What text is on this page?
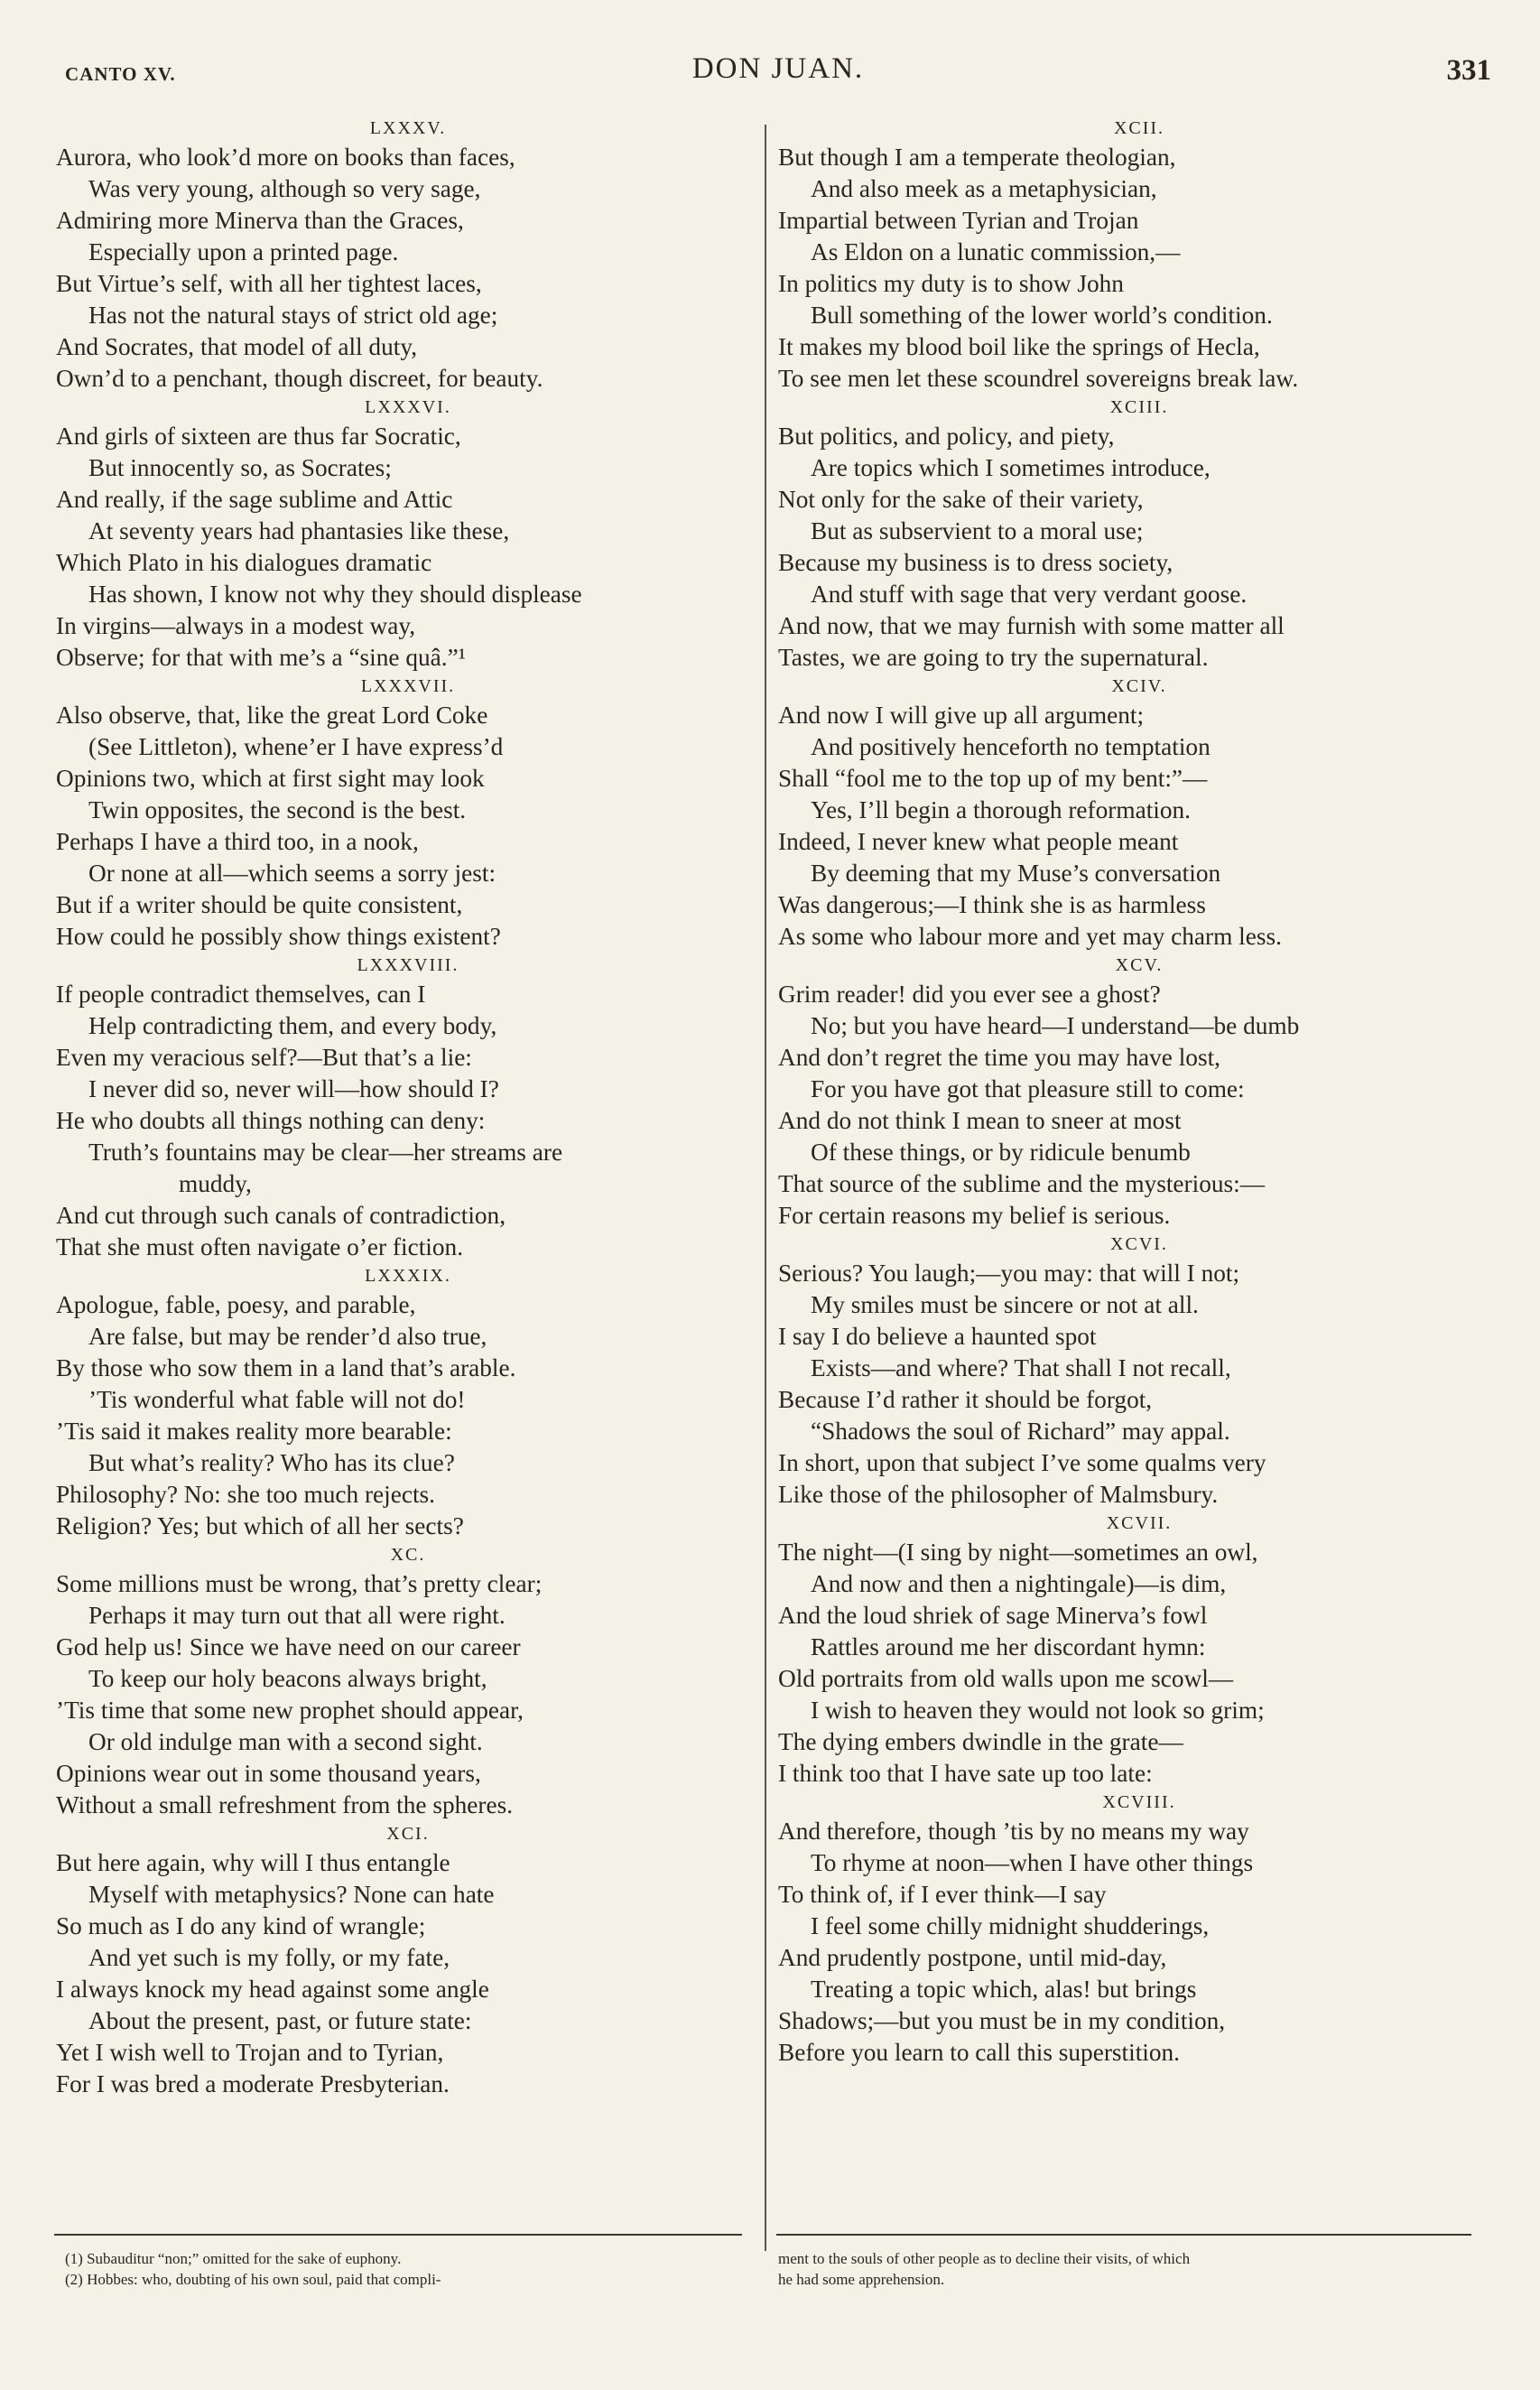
CANTO XV.	DON JUAN.	331
LXXXV.
Aurora, who look’d more on books than faces,
Was very young, although so very sage,
Admiring more Minerva than the Graces,
Especially upon a printed page.
But Virtue’s self, with all her tightest laces,
Has not the natural stays of strict old age;
And Socrates, that model of all duty,
Own’d to a penchant, though discreet, for beauty.
LXXXVI.
And girls of sixteen are thus far Socratic,
But innocently so, as Socrates;
And really, if the sage sublime and Attic
At seventy years had phantasies like these,
Which Plato in his dialogues dramatic
Has shown, I know not why they should displease
In virgins—always in a modest way,
Observe; for that with me’s a “sine quâ.”¹
LXXXVII.
Also observe, that, like the great Lord Coke
(See Littleton), whene’er I have express’d
Opinions two, which at first sight may look
Twin opposites, the second is the best.
Perhaps I have a third too, in a nook,
Or none at all—which seems a sorry jest:
But if a writer should be quite consistent,
How could he possibly show things existent?
LXXXVIII.
If people contradict themselves, can I
Help contradicting them, and every body,
Even my veracious self?—But that’s a lie:
I never did so, never will—how should I?
He who doubts all things nothing can deny:
Truth’s fountains may be clear—her streams are
muddy,
And cut through such canals of contradiction,
That she must often navigate o’er fiction.
LXXXIX.
Apologue, fable, poesy, and parable,
Are false, but may be render’d also true,
By those who sow them in a land that’s arable.
’Tis wonderful what fable will not do!
’Tis said it makes reality more bearable:
But what’s reality? Who has its clue?
Philosophy? No: she too much rejects.
Religion? Yes; but which of all her sects?
XC.
Some millions must be wrong, that’s pretty clear;
Perhaps it may turn out that all were right.
God help us! Since we have need on our career
To keep our holy beacons always bright,
’Tis time that some new prophet should appear,
Or old indulge man with a second sight.
Opinions wear out in some thousand years,
Without a small refreshment from the spheres.
XCI.
But here again, why will I thus entangle
Myself with metaphysics? None can hate
So much as I do any kind of wrangle;
And yet such is my folly, or my fate,
I always knock my head against some angle
About the present, past, or future state:
Yet I wish well to Trojan and to Tyrian,
For I was bred a moderate Presbyterian.
XCII.
But though I am a temperate theologian,
And also meek as a metaphysician,
Impartial between Tyrian and Trojan
As Eldon on a lunatic commission,—
In politics my duty is to show John
Bull something of the lower world’s condition.
It makes my blood boil like the springs of Hecla,
To see men let these scoundrel sovereigns break law.
XCIII.
But politics, and policy, and piety,
Are topics which I sometimes introduce,
Not only for the sake of their variety,
But as subservient to a moral use;
Because my business is to dress society,
And stuff with sage that very verdant goose.
And now, that we may furnish with some matter all
Tastes, we are going to try the supernatural.
XCIV.
And now I will give up all argument;
And positively henceforth no temptation
Shall “fool me to the top up of my bent:”—
Yes, I’ll begin a thorough reformation.
Indeed, I never knew what people meant
By deeming that my Muse’s conversation
Was dangerous;—I think she is as harmless
As some who labour more and yet may charm less.
XCV.
Grim reader! did you ever see a ghost?
No; but you have heard—I understand—be dumb
And don’t regret the time you may have lost,
For you have got that pleasure still to come:
And do not think I mean to sneer at most
Of these things, or by ridicule benumb
That source of the sublime and the mysterious:—
For certain reasons my belief is serious.
XCVI.
Serious? You laugh;—you may: that will I not;
My smiles must be sincere or not at all.
I say I do believe a haunted spot
Exists—and where? That shall I not recall,
Because I’d rather it should be forgot,
“Shadows the soul of Richard” may appal.
In short, upon that subject I’ve some qualms very
Like those of the philosopher of Malmsbury.
XCVII.
The night—(I sing by night—sometimes an owl,
And now and then a nightingale)—is dim,
And the loud shriek of sage Minerva’s fowl
Rattles around me her discordant hymn:
Old portraits from old walls upon me scowl—
I wish to heaven they would not look so grim;
The dying embers dwindle in the grate—
I think too that I have sate up too late:
XCVIII.
And therefore, though ’tis by no means my way
To rhyme at noon—when I have other things
To think of, if I ever think—I say
I feel some chilly midnight shudderings,
And prudently postpone, until mid-day,
Treating a topic which, alas! but brings
Shadows;—but you must be in my condition,
Before you learn to call this superstition.
(1) Subauditur “non;” omitted for the sake of euphony.
(2) Hobbes: who, doubting of his own soul, paid that compli-
ment to the souls of other people as to decline their visits, of which
he had some apprehension.
